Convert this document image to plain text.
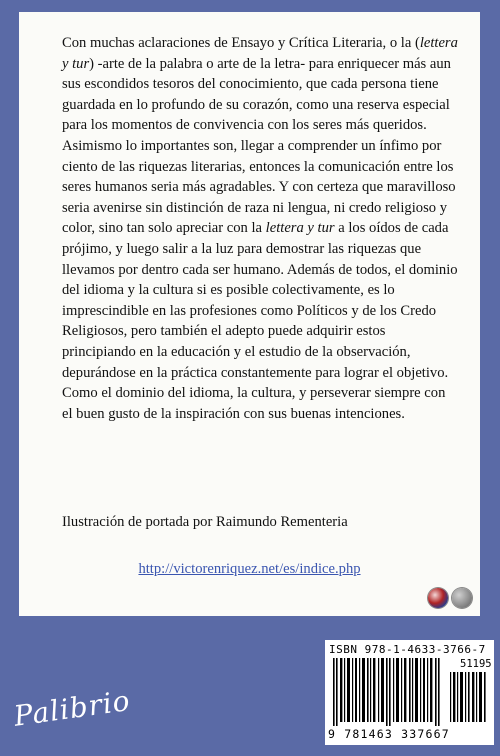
Con muchas aclaraciones de Ensayo y Crítica Literaria, o la (lettera y tur) -arte de la palabra o arte de la letra- para enriquecer más aun sus escondidos tesoros del conocimiento, que cada persona tiene guardada en lo profundo de su corazón, como una reserva especial para los momentos de convivencia con los seres más queridos. Asimismo lo importantes son, llegar a comprender un ínfimo por ciento de las riquezas literarias, entonces la comunicación entre los seres humanos seria más agradables. Y con certeza que maravilloso seria avenirse sin distinción de raza ni lengua, ni credo religioso y color, sino tan solo apreciar con la lettera y tur a los oídos de cada prójimo, y luego salir a la luz para demostrar las riquezas que llevamos por dentro cada ser humano. Además de todos, el dominio del idioma y la cultura si es posible colectivamente, es lo imprescindible en las profesiones como Políticos y de los Credo Religiosos, pero también el adepto puede adquirir estos principiando en la educación y el estudio de la observación, depurándose en la práctica constantemente para lograr el objetivo. Como el dominio del idioma, la cultura, y perseverar siempre con el buen gusto de la inspiración con sus buenas intenciones.

Ilustración de portada por Raimundo Rementeria

http://victorenriquez.net/es/indice.php
ISBN 978-1-4633-3766-7
51195
9 781463 337667
Palibrio
